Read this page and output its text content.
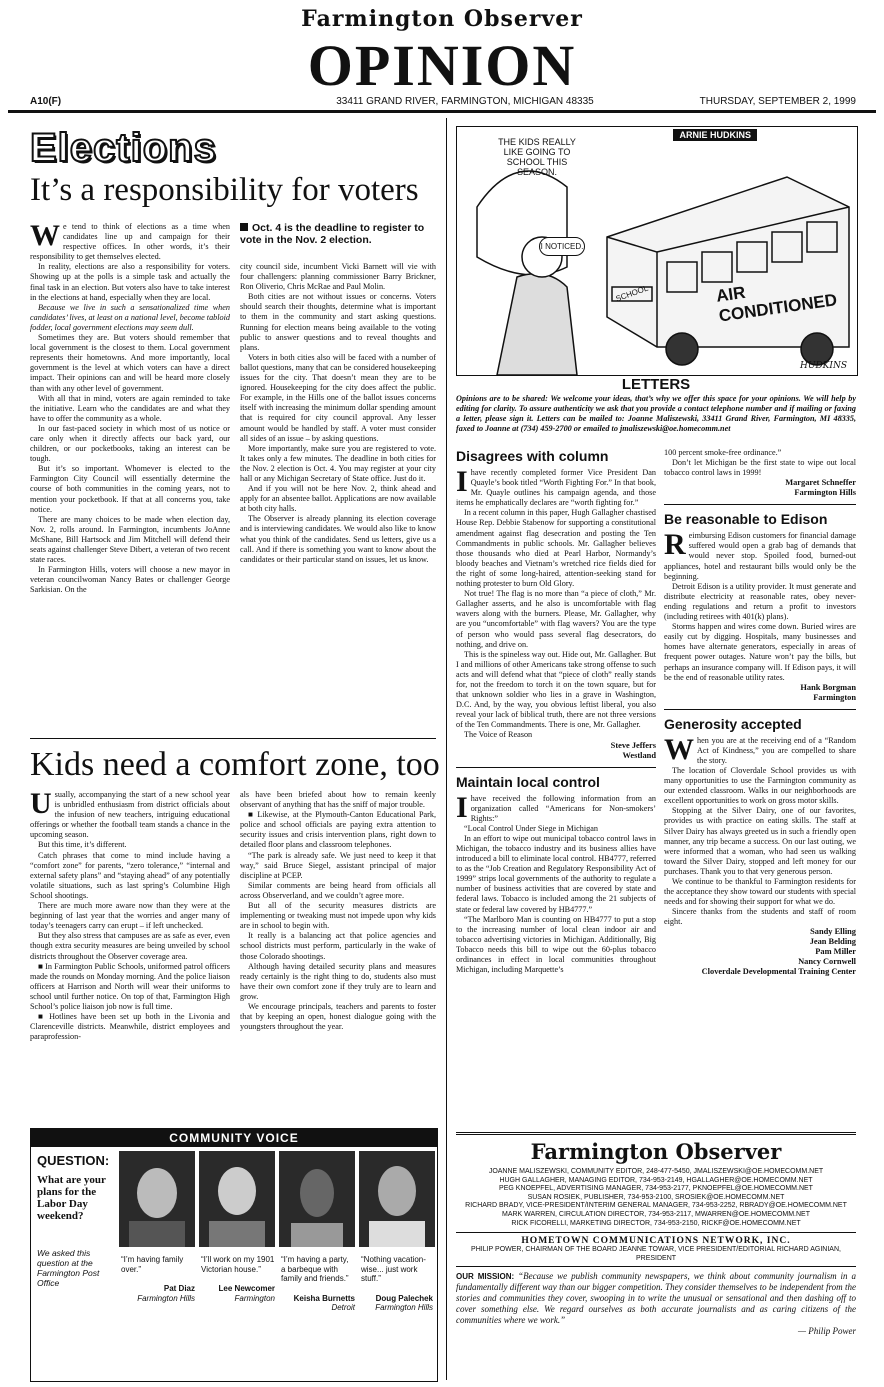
Farmington Observer
OPINION
A10(F)	33411 GRAND RIVER, FARMINGTON, MICHIGAN 48335	THURSDAY, SEPTEMBER 2, 1999
Elections
It’s a responsibility for voters

We tend to think of elections as a time when candidates line up and campaign for their respective offices. In other words, it’s their responsibility to get themselves elected.

In reality, elections are also a responsibility for voters. Showing up at the polls is a simple task and actually the final task in an election. But voters also have to take interest in the elections at hand, especially when they are local.

Because we live in such a sensationalized time when candidates’ lives, at least on a national level, become tabloid fodder, local government elections may seem dull.

Sometimes they are. But voters should remember that local government is the closest to them. Local government represents their hometowns. And more importantly, local government is the level at which voters can have a direct impact. Their opinions can and will be heard more closely than with any other level of government.

With all that in mind, voters are again reminded to take the initiative. Learn who the candidates are and what they have to offer the community as a whole.

In our fast-paced society in which most of us notice or care only when it directly affects our back yard, our children, or our pocketbooks, taking an interest can be tough.

But it’s so important. Whomever is elected to the Farmington City Council will essentially determine the course of both communities in the coming years, not to mention your pocketbook. If that at all concerns you, take notice.

There are many choices to be made when election day, Nov. 2, rolls around. In Farmington, incumbents JoAnne McShane, Bill Hartsock and Jim Mitchell will defend their seats against challenger Steve Dibert, a veteran of two recent state races.

In Farmington Hills, voters will choose a new mayor in veteran councilwoman Nancy Bates or challenger George Sarkisian. On the

Oct. 4 is the deadline to register to vote in the Nov. 2 election.

city council side, incumbent Vicki Barnett will vie with four challengers: planning commissioner Barry Brickner, Ron Oliverio, Chris McRae and Paul Molin.

Both cities are not without issues or concerns. Voters should search their thoughts, determine what is important to them in the community and start asking questions. Running for election means being available to the voting public to answer questions and to reveal thoughts and plans.

Voters in both cities also will be faced with a number of ballot questions, many that can be considered housekeeping issues for the city. That doesn’t mean they are to be ignored. Housekeeping for the city does affect the public. For example, in the Hills one of the ballot issues concerns itself with increasing the minimum dollar spending amount that is required for city council approval. Any lesser amount would be handled by staff. A voter must consider all sides of an issue – by asking questions.

More importantly, make sure you are registered to vote. It takes only a few minutes. The deadline in both cities for the Nov. 2 election is Oct. 4. You may register at your city hall or any Michigan Secretary of State office. Just do it.

And if you will not be here Nov. 2, think ahead and apply for an absentee ballot. Applications are now available at both city halls.

The Observer is already planning its election coverage and is interviewing candidates. We would also like to know what you think of the candidates. Send us letters, give us a call. And if there is something you want to know about the candidates or their particular stand on issues, let us know.

Kids need a comfort zone, too

Usually, accompanying the start of a new school year is unbridled enthusiasm from district officials about the infusion of new teachers, intriguing educational offerings or whether the football team stands a chance in the upcoming season.

But this time, it’s different.

Catch phrases that come to mind include having a “comfort zone” for parents, “zero tolerance,” “internal and external safety plans” and “staying ahead” of any potentially volatile situations, such as last spring’s Columbine High School shootings.

There are much more aware now than they were at the beginning of last year that the worries and anger many of today’s teenagers carry can erupt – if left unchecked.

But they also stress that campuses are as safe as ever, even though extra security measures are being unveiled by school districts throughout the Observer coverage area.

■ In Farmington Public Schools, uniformed patrol officers made the rounds on Monday morning. And the police liaison officers at Harrison and North will wear their uniforms to school until further notice. On top of that, Farmington High School’s police liaison job now is full time.

■ Hotlines have been set up both in the Livonia and Clarenceville districts. Meanwhile, district employees and paraprofession-

als have been briefed about how to remain keenly observant of anything that has the sniff of major trouble.

■ Likewise, at the Plymouth-Canton Educational Park, police and school officials are paying extra attention to security issues and crisis intervention plans, right down to detailed floor plans and classroom telephones.

“The park is already safe. We just need to keep it that way,” said Bruce Siegel, assistant principal of major discipline at PCEP.

Similar comments are being heard from officials all across Observerland, and we couldn’t agree more.

But all of the security measures districts are implementing or tweaking must not impede upon why kids are in school to begin with.

It really is a balancing act that police agencies and school districts must perform, particularly in the wake of those Colorado shootings.

Although having detailed security plans and measures ready certainly is the right thing to do, students also must have their own comfort zone if they truly are to learn and grow.

We encourage principals, teachers and parents to foster that by keeping an open, honest dialogue going with the youngsters throughout the year.

COMMUNITY VOICE
QUESTION:
What are your plans for the Labor Day weekend?
We asked this question at the Farmington Post Office
“I’m having family over.”
Pat Diaz
Farmington Hills
“I’ll work on my 1901 Victorian house.”
Lee Newcomer
Farmington
“I’m having a party, a barbeque with family and friends.”
Keisha Burnetts
Detroit
“Nothing vacation-wise... just work stuff.”
Doug Palechek
Farmington Hills
ARNIE HUDKINS
THE KIDS REALLY LIKE GOING TO SCHOOL THIS SEASON.
I NOTICED.
AIR CONDITIONED
SCHOOL
HUDKINS
LETTERS
Opinions are to be shared: We welcome your ideas, that’s why we offer this space for your opinions. We will help by editing for clarity. To assure authenticity we ask that you provide a contact telephone number and if mailing or faxing a letter, please sign it. Letters can be mailed to: Joanne Maliszewski, 33411 Grand River, Farmington, MI 48335, faxed to Joanne at (734) 459-2700 or emailed to jmaliszewski@oe.homecomm.net
Disagrees with column

Ihave recently completed former Vice President Dan Quayle’s book titled “Worth Fighting For.” In that book, Mr. Quayle outlines his campaign agenda, and those items he emphatically declares are “worth fighting for.”

In a recent column in this paper, Hugh Gallagher chastised House Rep. Debbie Stabenow for supporting a constitutional amendment against flag desecration and posting the Ten Commandments in public schools. Mr. Gallagher believes those thousands who died at Pearl Harbor, Normandy’s bloody beaches and Vietnam’s wretched rice fields died for the right of some long-haired, attention-seeking stand for nothing protester to burn Old Glory.

Not true! The flag is no more than “a piece of cloth,” Mr. Gallagher asserts, and he also is uncomfortable with flag wavers along with the burners. Please, Mr. Gallagher, why are you “uncomfortable” with flag wavers? You are the type of person who would pass several flag desecrators, do nothing, and drive on.

This is the spineless way out. Hide out, Mr. Gallagher. But I and millions of other Americans take strong offense to such acts and will defend what that “piece of cloth” really stands for, not the freedom to torch it on the town square, but for that unknown soldier who lies in a grave in Washington, D.C. And, by the way, you obvious leftist liberal, you also reveal your lack of biblical truth, there are not three versions of the Ten Commandments. There is one, Mr. Gallagher.

The Voice of Reason

Steve Jeffers
Westland
Maintain local control

Ihave received the following information from an organization called “Americans for Non-smokers’ Rights:”

“Local Control Under Siege in Michigan

In an effort to wipe out municipal tobacco control laws in Michigan, the tobacco industry and its business allies have introduced a bill to eliminate local control. HB4777, referred to as the “Job Creation and Regulatory Responsibility Act of 1999” strips local governments of the authority to regulate a number of business activities that are covered by state and federal laws. Tobacco is included among the 21 subjects of state or federal law covered by HB4777.”

“The Marlboro Man is counting on HB4777 to put a stop to the increasing number of local clean indoor air and tobacco advertising victories in Michigan. Additionally, Big Tobacco needs this bill to wipe out the 60-plus tobacco ordinances in effect in local communities throughout Michigan, including Marquette’s

100 percent smoke-free ordinance.”

Don’t let Michigan be the first state to wipe out local tobacco control laws in 1999!

Margaret Schneffer
Farmington Hills
Be reasonable to Edison

Reimbursing Edison customers for financial damage suffered would open a grab bag of demands that would never stop. Spoiled food, burned-out appliances, hotel and restaurant bills would only be the beginning.

Detroit Edison is a utility provider. It must generate and distribute electricity at reasonable rates, obey never-ending regulations and return a profit to investors (including retirees with 401(k) plans).

Storms happen and wires come down. Buried wires are easily cut by digging. Hospitals, many businesses and homes have alternate generators, especially in areas of frequent power outages. Nature won’t pay the bills, but perhaps an insurance company will. If Edison pays, it will be the end of reasonable utility rates.

Hank Borgman
Farmington
Generosity accepted

When you are at the receiving end of a “Random Act of Kindness,” you are compelled to share the story.

The location of Cloverdale School provides us with many opportunities to use the Farmington community as our extended classroom. Walks in our neighborhoods are excellent opportunities to work on gross motor skills.

Stopping at the Silver Dairy, one of our favorites, provides us with practice on eating skills. The staff at Silver Dairy has always greeted us in such a friendly open manner, any trip became a success. On our last outing, we were informed that a woman, who had seen us walking toward the Silver Dairy, stopped and left money for our purchases. Thank you to that very generous person.

We continue to be thankful to Farmington residents for the acceptance they show toward our students with special needs and for showing their support for what we do.

Sincere thanks from the students and staff of room eight.

Sandy Elling
Jean Belding
Pam Miller
Nancy Cornwell
Cloverdale Developmental Training Center
Farmington Observer
JOANNE MALISZEWSKI, COMMUNITY EDITOR, 248-477-5450, JMALISZEWSKI@OE.HOMECOMM.NET
HUGH GALLAGHER, MANAGING EDITOR, 734-953-2149, HGALLAGHER@OE.HOMECOMM.NET
PEG KNOEPFEL, ADVERTISING MANAGER, 734-953-2177, PKNOEPFEL@OE.HOMECOMM.NET
SUSAN ROSIEK, PUBLISHER, 734-953-2100, SROSIEK@OE.HOMECOMM.NET
RICHARD BRADY, VICE-PRESIDENT/INTERIM GENERAL MANAGER, 734-953-2252, RBRADY@OE.HOMECOMM.NET
MARK WARREN, CIRCULATION DIRECTOR, 734-953-2117, MWARREN@OE.HOMECOMM.NET
RICK FICORELLI, MARKETING DIRECTOR, 734-953-2150, RICKF@OE.HOMECOMM.NET
HOMETOWN COMMUNICATIONS NETWORK, INC.
PHILIP POWER, CHAIRMAN OF THE BOARD JEANNE TOWAR, VICE PRESIDENT/EDITORIAL RICHARD AGINIAN, PRESIDENT
OUR MISSION: “Because we publish community newspapers, we think about community journalism in a fundamentally different way than our bigger competition. They consider themselves to be independent from the stories and communities they cover, swooping in to write the unusual or sensational and then dashing off to cover something else. We regard ourselves as both accurate journalists and as caring citizens of the communities where we work.”
— Philip Power
